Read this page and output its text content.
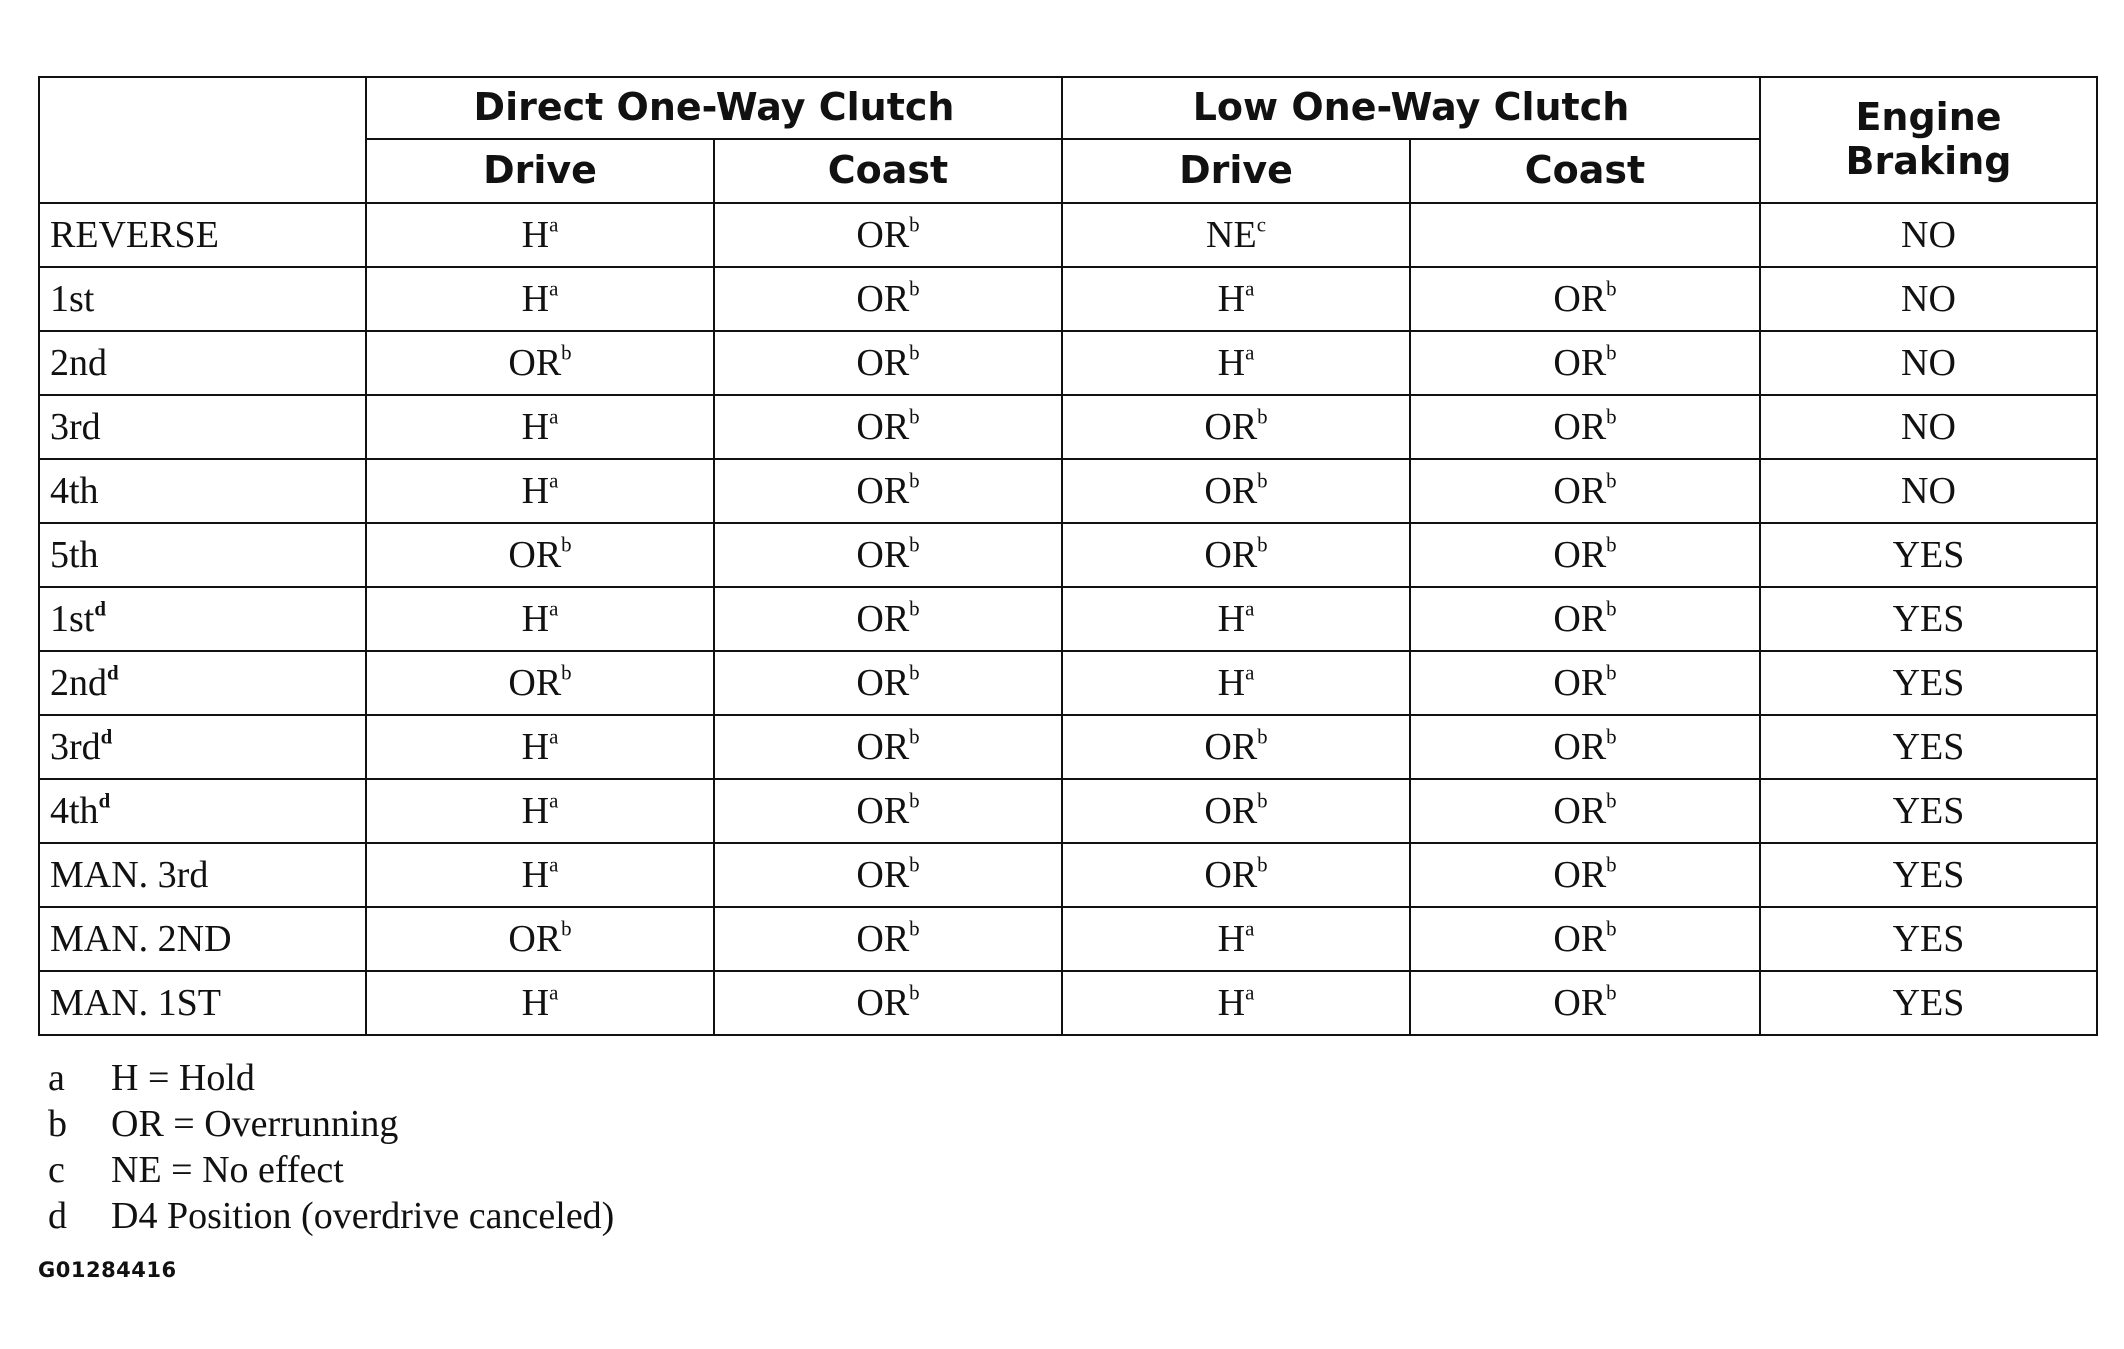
	Direct One-Way Clutch		Low One-Way Clutch		Engine
Braking
	Drive	Coast	Drive	Coast	
REVERSE	$H^a$	$OR^b$	$NE^c$		NO
1st	$H^a$	$OR^b$	$H^a$	$OR^b$	NO
2nd	$OR^b$	$OR^b$	$H^a$	$OR^b$	NO
3rd	$H^a$	$OR^b$	$OR^b$	$OR^b$	NO
4th	$H^a$	$OR^b$	$OR^b$	$OR^b$	NO
5th	$OR^b$	$OR^b$	$OR^b$	$OR^b$	YES
$1st^d$	$H^a$	$OR^b$	$H^a$	$OR^b$	YES
$2nd^d$	$OR^b$	$OR^b$	$H^a$	$OR^b$	YES
$3rd^d$	$H^a$	$OR^b$	$OR^b$	$OR^b$	YES
$4th^d$	$H^a$	$OR^b$	$OR^b$	$OR^b$	YES
MAN. 3rd	$H^a$	$OR^b$	$OR^b$	$OR^b$	YES
MAN. 2ND	$OR^b$	$OR^b$	$H^a$	$OR^b$	YES
MAN. 1ST	$H^a$	$OR^b$	$H^a$	$OR^b$	YES
a H = Hold
b OR = Overrunning
c NE = No effect
d D4 Position (overdrive canceled)
G01284416
